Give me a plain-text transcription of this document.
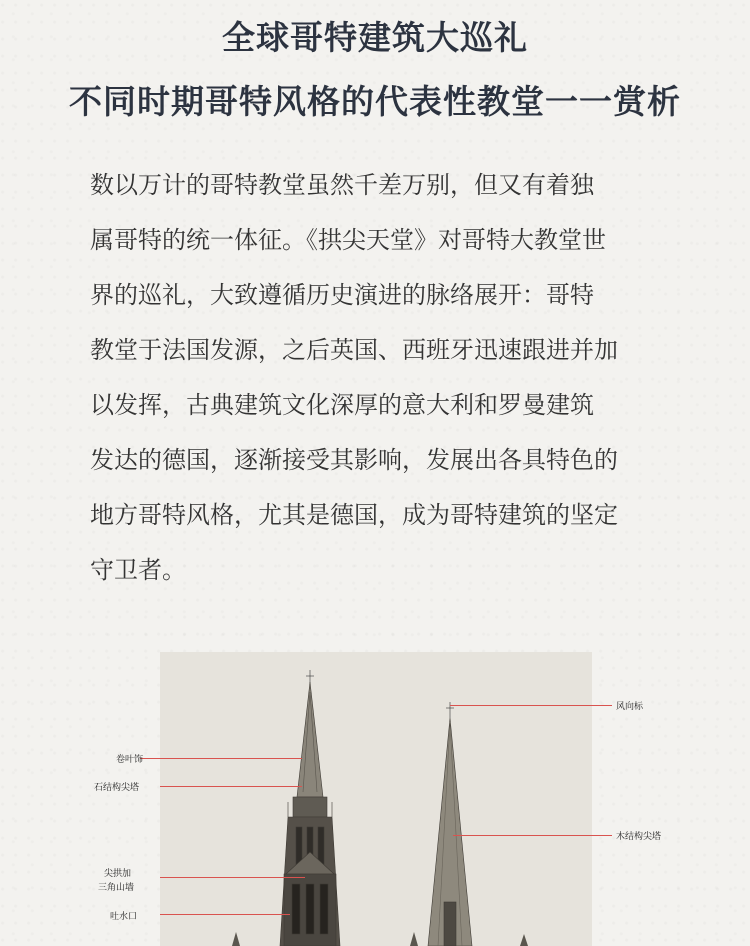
全球哥特建筑大巡礼
不同时期哥特风格的代表性教堂一一赏析
数以万计的哥特教堂虽然千差万别，但又有着独
属哥特的统一体征。《拱尖天堂》对哥特大教堂世
界的巡礼，大致遵循历史演进的脉络展开：哥特
教堂于法国发源，之后英国、西班牙迅速跟进并加
以发挥，古典建筑文化深厚的意大利和罗曼建筑
发达的德国，逐渐接受其影响，发展出各具特色的
地方哥特风格，尤其是德国，成为哥特建筑的坚定
守卫者。
卷叶饰
石结构尖塔
尖拱加
三角山墙
吐水口
风向标
木结构尖塔
